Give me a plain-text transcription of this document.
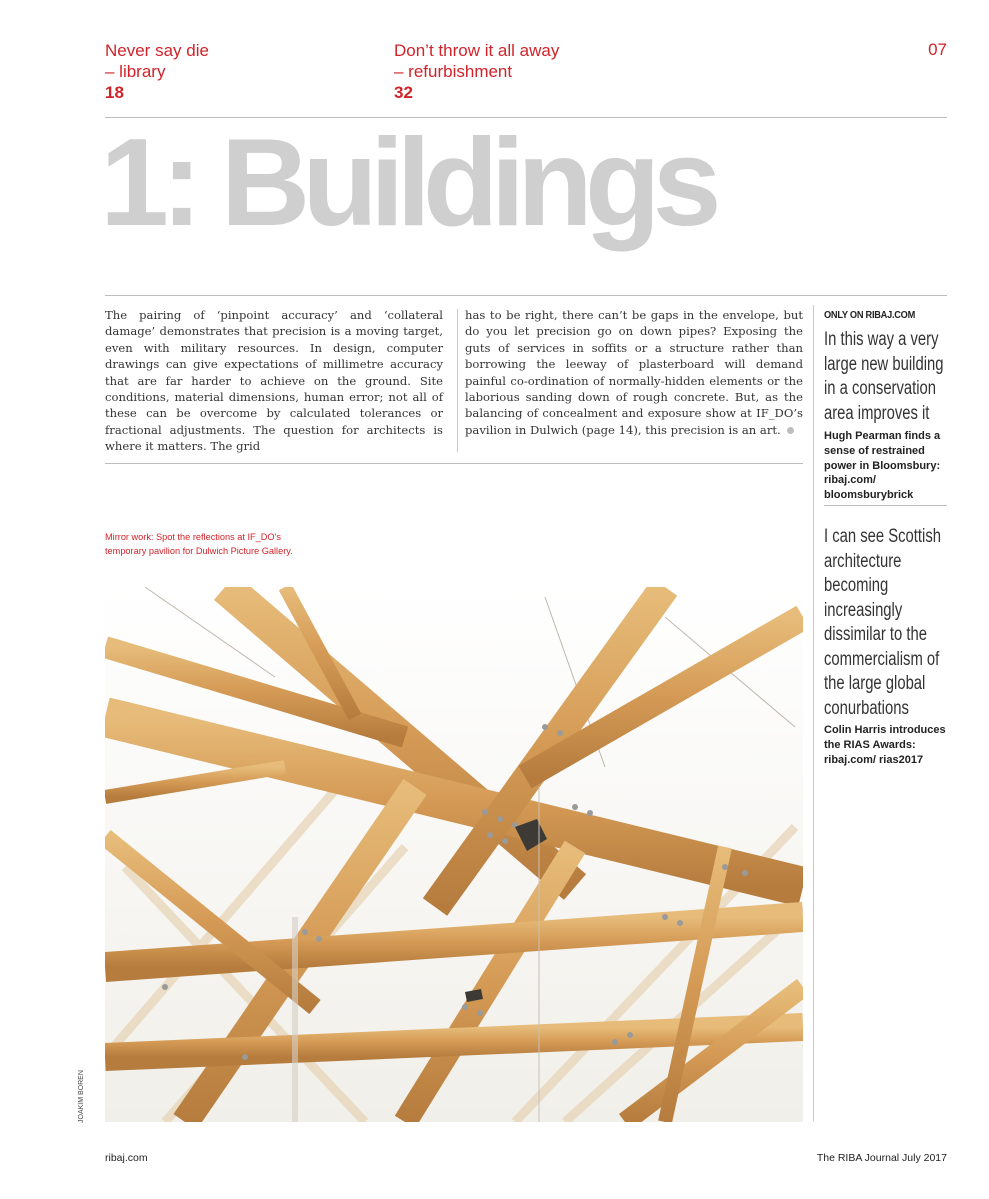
Never say die
– library
18
Don’t throw it all away
– refurbishment
32
07
1: Buildings
The pairing of ‘pinpoint accuracy’ and ‘collateral damage’ demonstrates that precision is a moving target, even with military resources. In design, computer drawings can give expectations of millimetre accuracy that are far harder to achieve on the ground. Site conditions, material dimensions, human error; not all of these can be overcome by calculated tolerances or fractional adjustments. The question for architects is where it matters. The grid
has to be right, there can’t be gaps in the envelope, but do you let precision go on down pipes? Exposing the guts of services in soffits or a structure rather than borrowing the leeway of plasterboard will demand painful co-ordination of normally-hidden elements or the laborious sanding down of rough concrete. But, as the balancing of concealment and exposure show at IF_DO’s pavilion in Dulwich (page 14), this precision is an art.
ONLY ON RIBAJ.COM
In this way a very large new building in a conservation area improves it
Hugh Pearman finds a sense of restrained power in Bloomsbury: ribaj.com/ bloomsburybrick
I can see Scottish architecture becoming increasingly dissimilar to the commercialism of the large global conurbations
Colin Harris introduces the RIAS Awards: ribaj.com/ rias2017
Mirror work: Spot the reflections at IF_DO’s temporary pavilion for Dulwich Picture Gallery.
JOAKIM BOREN
ribaj.com	The RIBA Journal July 2017
